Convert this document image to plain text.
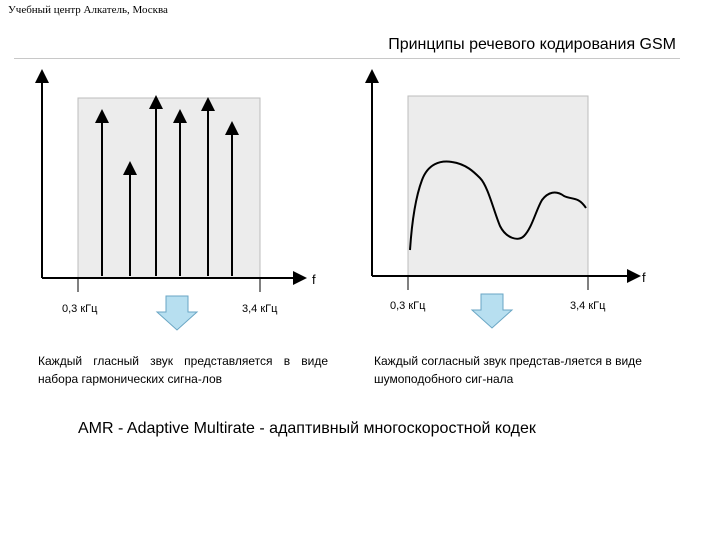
Учебный центр Алкатель, Москва
Принципы речевого кодирования GSM
f
0,3 кГц	3,4 кГц
f
0,3 кГц	3,4 кГц
Каждый гласный звук представляется в виде набора гармонических сигна-лов
Каждый согласный звук представ-ляется в виде шумоподобного сиг-нала
AMR - Adaptive Multirate - адаптивный многоскоростной кодек
